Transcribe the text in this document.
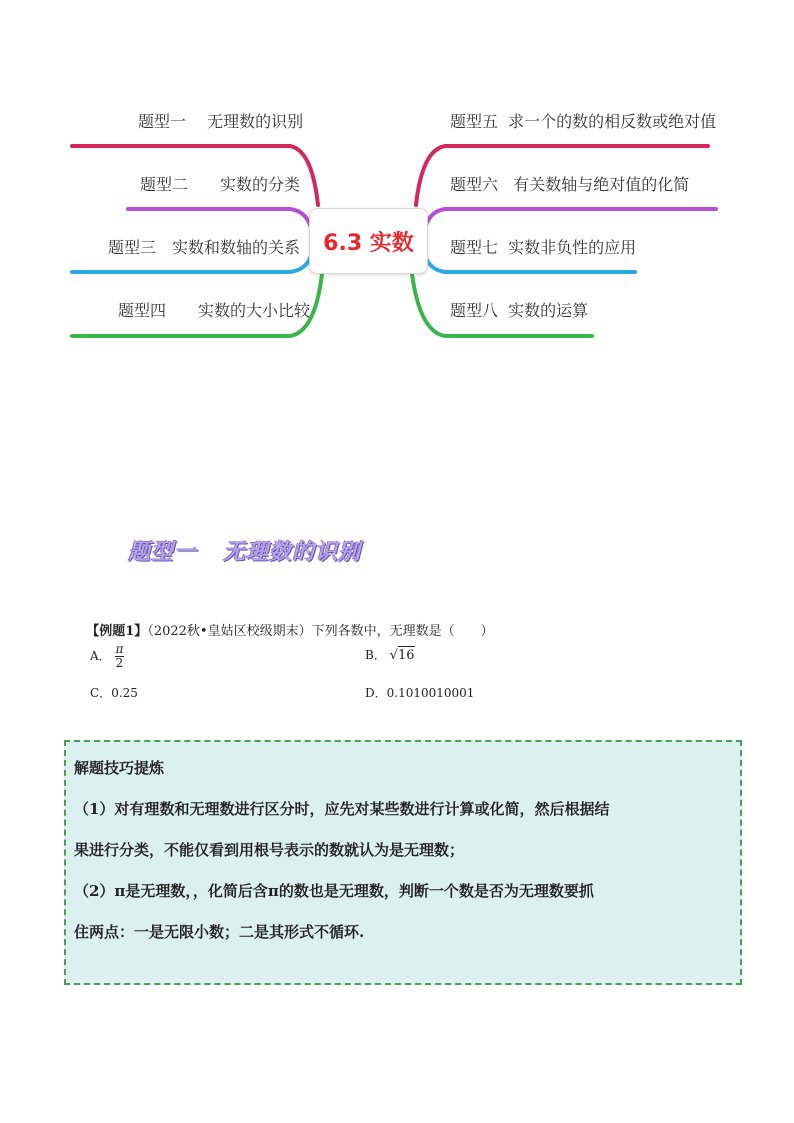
题型一　 无理数的识别
题型二　　实数的分类
题型三　实数和数轴的关系
题型四　　实数的大小比较
题型五  求一个的数的相反数或绝对值
题型六   有关数轴与绝对值的化简
题型七  实数非负性的应用
题型八  实数的运算
6.3 实数
题型一   无理数的识别

【例题1】（2022秋•皇姑区校级期末）下列各数中，无理数是（　　）

A． $\frac{\pi}{2}$	B． √16
C．0.25	D．0.1010010001

解题技巧提炼

（1）对有理数和无理数进行区分时，应先对某些数进行计算或化简，然后根据结

果进行分类，不能仅看到用根号表示的数就认为是无理数；

（2）π是无理数，，化简后含π的数也是无理数，判断一个数是否为无理数要抓

住两点：一是无限小数；二是其形式不循环.
